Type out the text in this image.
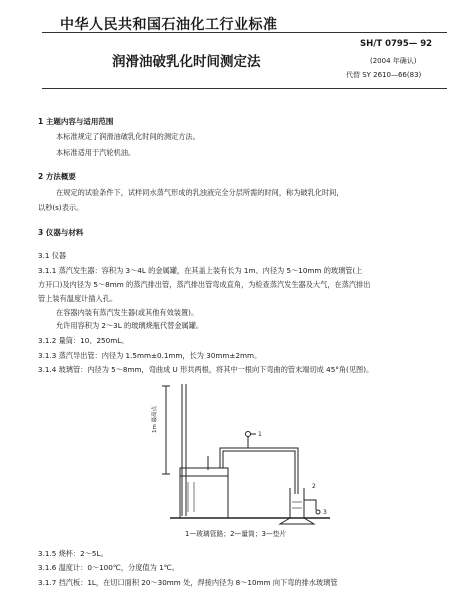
中华人民共和国石油化工行业标准
SH/T 0795— 92
润滑油破乳化时间测定法	(2004 年确认)
代替 SY 2610—66(83)
1 主题内容与适用范围
本标准规定了润滑油破乳化时间的测定方法。
本标准适用于汽轮机油。
2 方法概要
在规定的试验条件下，试样同水蒸气形成的乳浊液完全分层所需的时间，称为破乳化时间，
以秒(s)表示。
3 仪器与材料
3.1 仪器
3.1.1 蒸汽发生器：容积为 3～4L 的金属罐，在其盖上装有长为 1m、内径为 5～10mm 的玻璃管(上
方开口)及内径为 5～8mm 的蒸汽排出管，蒸汽排出管弯成直角，为检查蒸汽发生器及大气，在蒸汽排出
管上装有温度计插入孔。
在容器内装有蒸汽发生器(或其他有效装置)。
允许用容积为 2～3L 的玻璃烧瓶代替金属罐。
3.1.2 量筒：10、250mL。
3.1.3 蒸汽导出管：内径为 1.5mm±0.1mm，长为 30mm±2mm。
3.1.4 玻璃管：内径为 5～8mm，弯曲成 U 形共两根，将其中一根向下弯曲的管末端切成 45°角(见图)。
1m 最高点
1
2
3
1—玻璃管路；2—量筒；3—垫片
3.1.5 烧杯：2～5L。
3.1.6 温度计：0～100℃，分度值为 1℃。
3.1.7 挡汽板：1L，在切口面积 20～30mm 处，焊接内径为 8～10mm 向下弯的排水玻璃管
